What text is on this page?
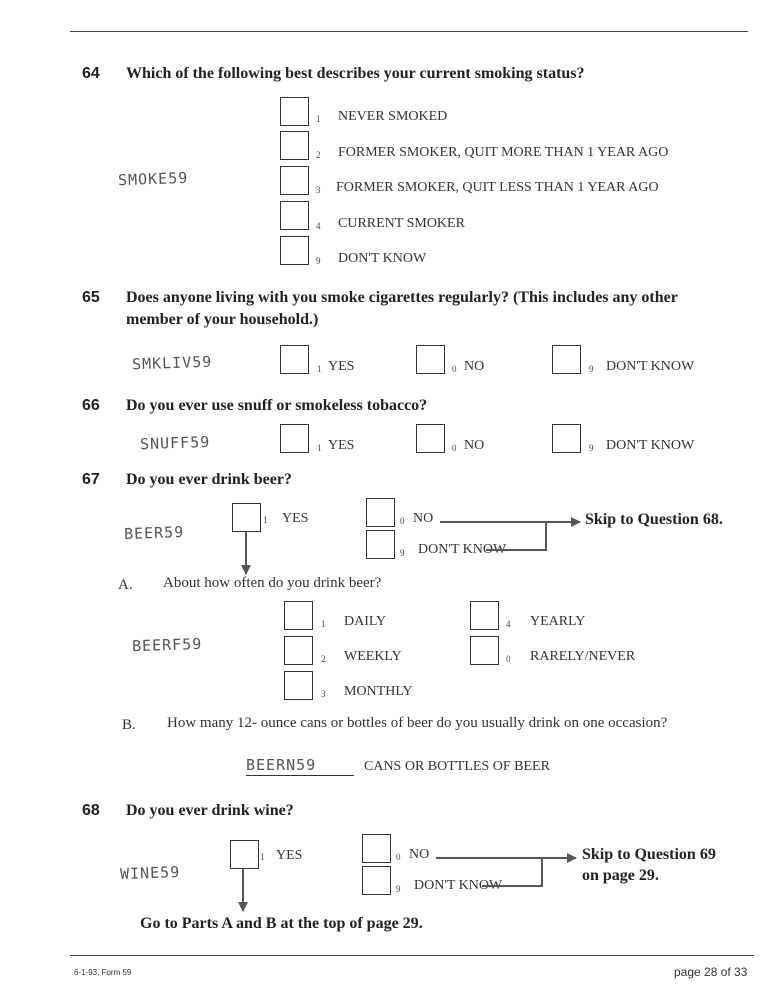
64 Which of the following best describes your current smoking status?
SMOKE59
1 NEVER SMOKED
2 FORMER SMOKER, QUIT MORE THAN 1 YEAR AGO
3 FORMER SMOKER, QUIT LESS THAN 1 YEAR AGO
4 CURRENT SMOKER
9 DON'T KNOW
65 Does anyone living with you smoke cigarettes regularly? (This includes any other
member of your household.)
SMKLIV59	1 YES	0 NO	9 DON'T KNOW
66 Do you ever use snuff or smokeless tobacco?
SNUFF59	1 YES	0 NO	9 DON'T KNOW
67 Do you ever drink beer?
BEER59
1 YES	0 NO
9 DON'T KNOW
Skip to Question 68.
A. About how often do you drink beer?
BEERF59
1 DAILY
2 WEEKLY
3 MONTHLY
4 YEARLY
0 RARELY/NEVER
B. How many 12- ounce cans or bottles of beer do you usually drink on one occasion?
BEERN59	CANS OR BOTTLES OF BEER
68 Do you ever drink wine?
WINE59
1 YES	0 NO
9 DON'T KNOW
Skip to Question 69
on page 29.
Go to Parts A and B at the top of page 29.
6-1-93, Form 59	page 28 of 33
